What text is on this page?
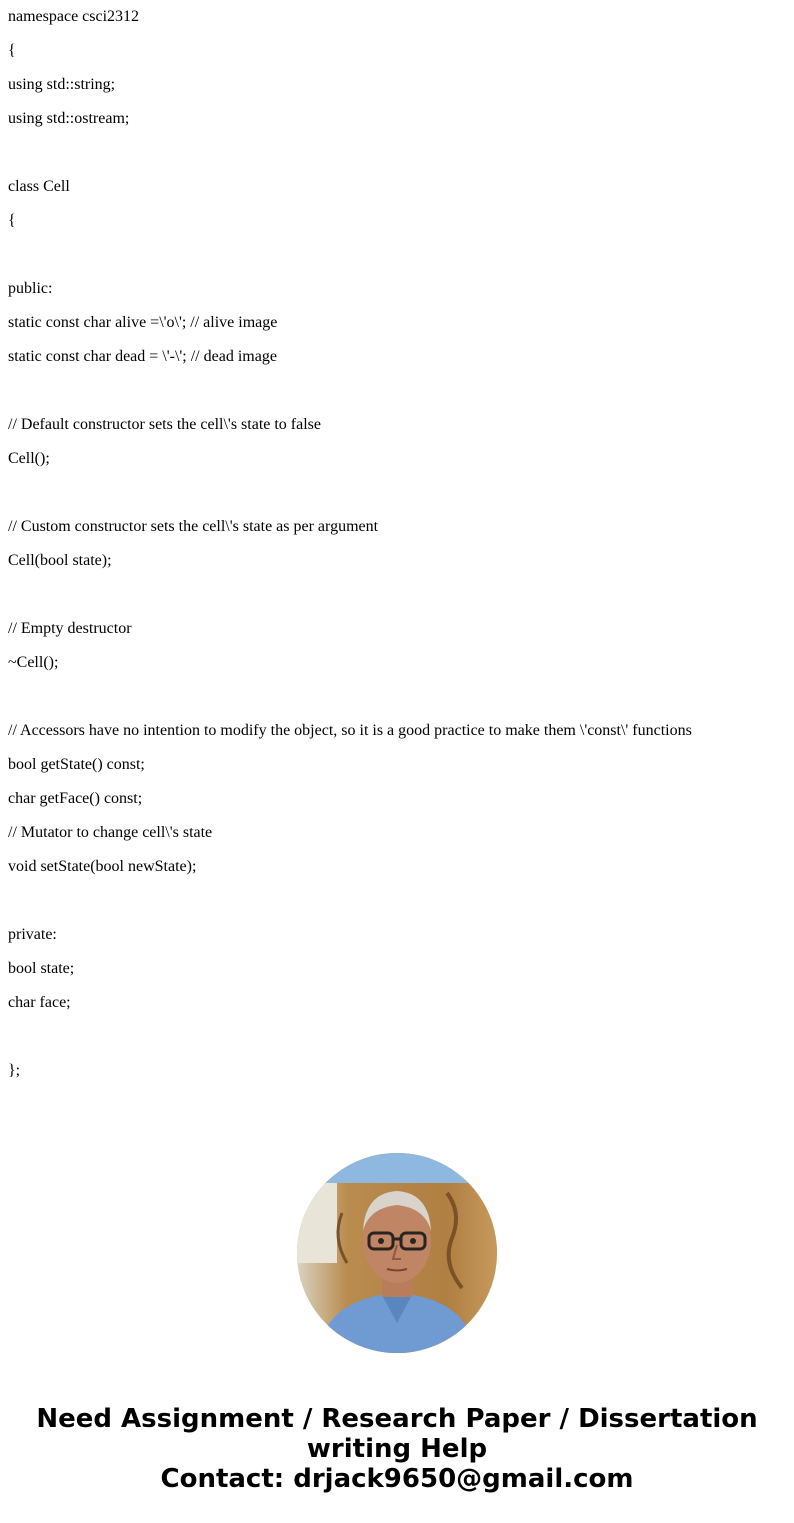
namespace csci2312
{
using std::string;
using std::ostream;
class Cell
{
public:
static const char alive =\'o\'; // alive image
static const char dead = \'-\'; // dead image
// Default constructor sets the cell\'s state to false
Cell();
// Custom constructor sets the cell\'s state as per argument
Cell(bool state);
// Empty destructor
~Cell();
// Accessors have no intention to modify the object, so it is a good practice to make them \'const\' functions
bool getState() const;
char getFace() const;
// Mutator to change cell\'s state
void setState(bool newState);
private:
bool state;
char face;
};
Need Assignment / Research Paper / Dissertation
writing Help
Contact: drjack9650@gmail.com
